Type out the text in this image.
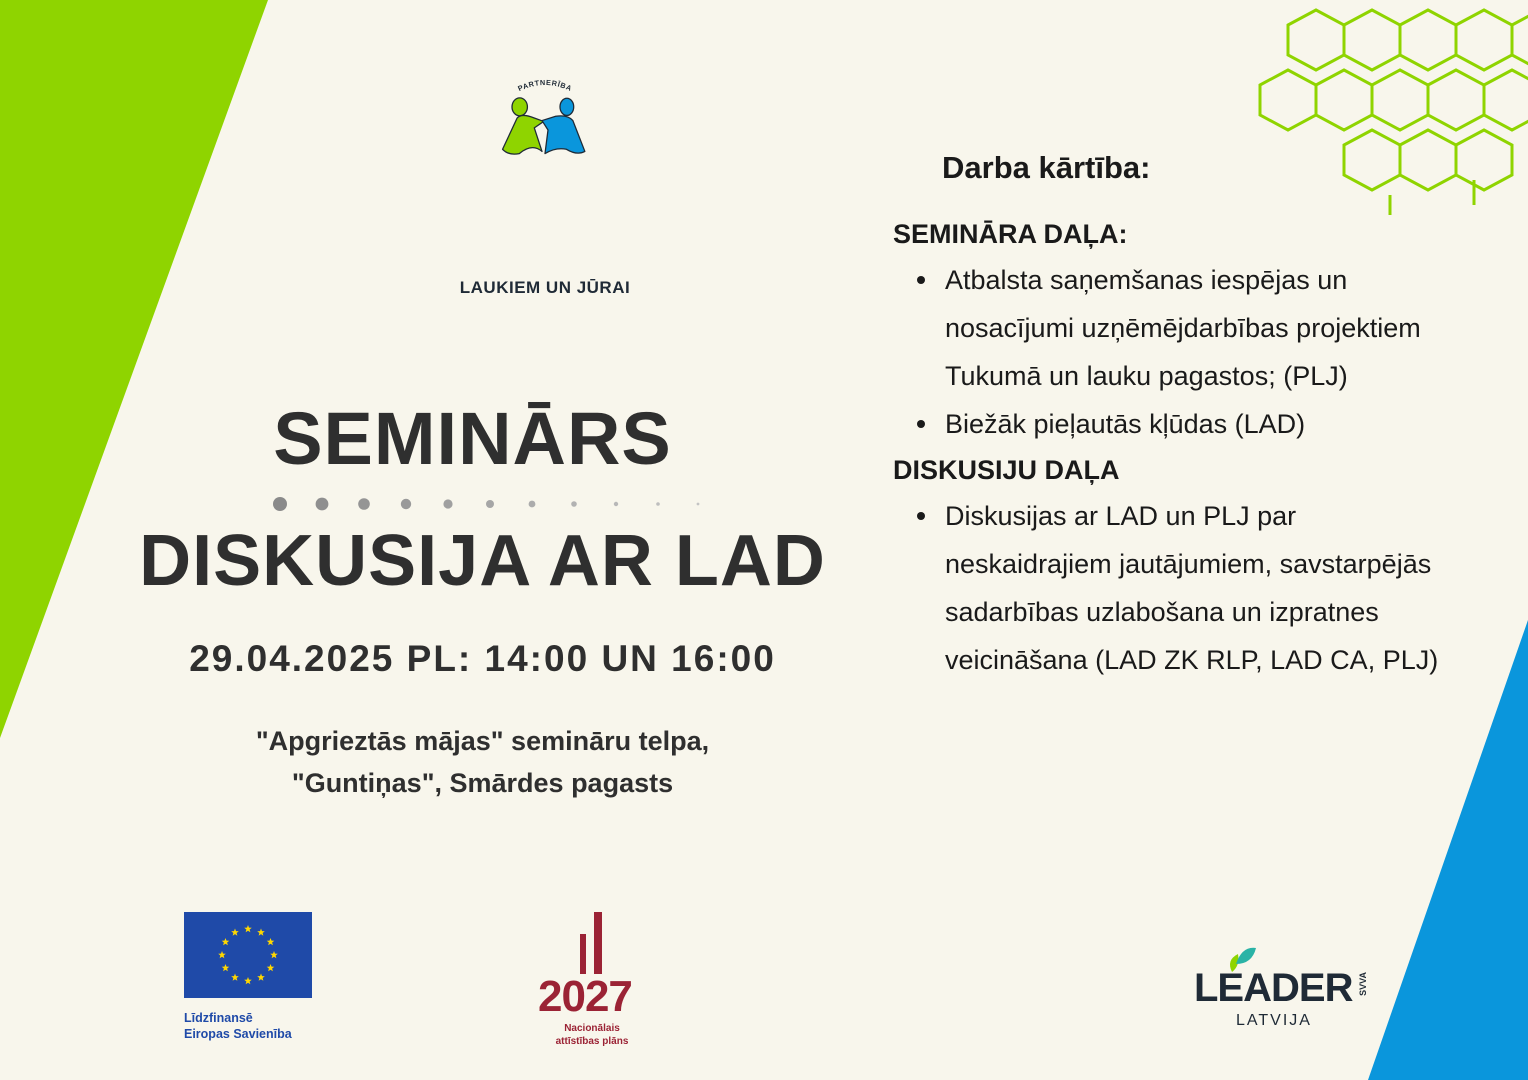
PARTNERĪBA
LAUKIEM UN JŪRAI
SEMINĀRS
DISKUSIJA AR LAD
29.04.2025 PL: 14:00 UN 16:00
"Apgrieztās mājas" semināru telpa,
"Guntiņas", Smārdes pagasts
Darba kārtība:

SEMINĀRA DAĻA:

Atbalsta saņemšanas iespējas un nosacījumi uzņēmējdarbības projektiem Tukumā un lauku pagastos; (PLJ)
Biežāk pieļautās kļūdas (LAD)

DISKUSIJU DAĻA

Diskusijas ar LAD un PLJ par neskaidrajiem jautājumiem, savstarpējās sadarbības uzlabošana un izpratnes veicināšana (LAD ZK RLP, LAD CA, PLJ)
Līdzfinansē
Eiropas Savienība
2027
Nacionālais
attīstības plāns
LEADER SVVA
LATVIJA
